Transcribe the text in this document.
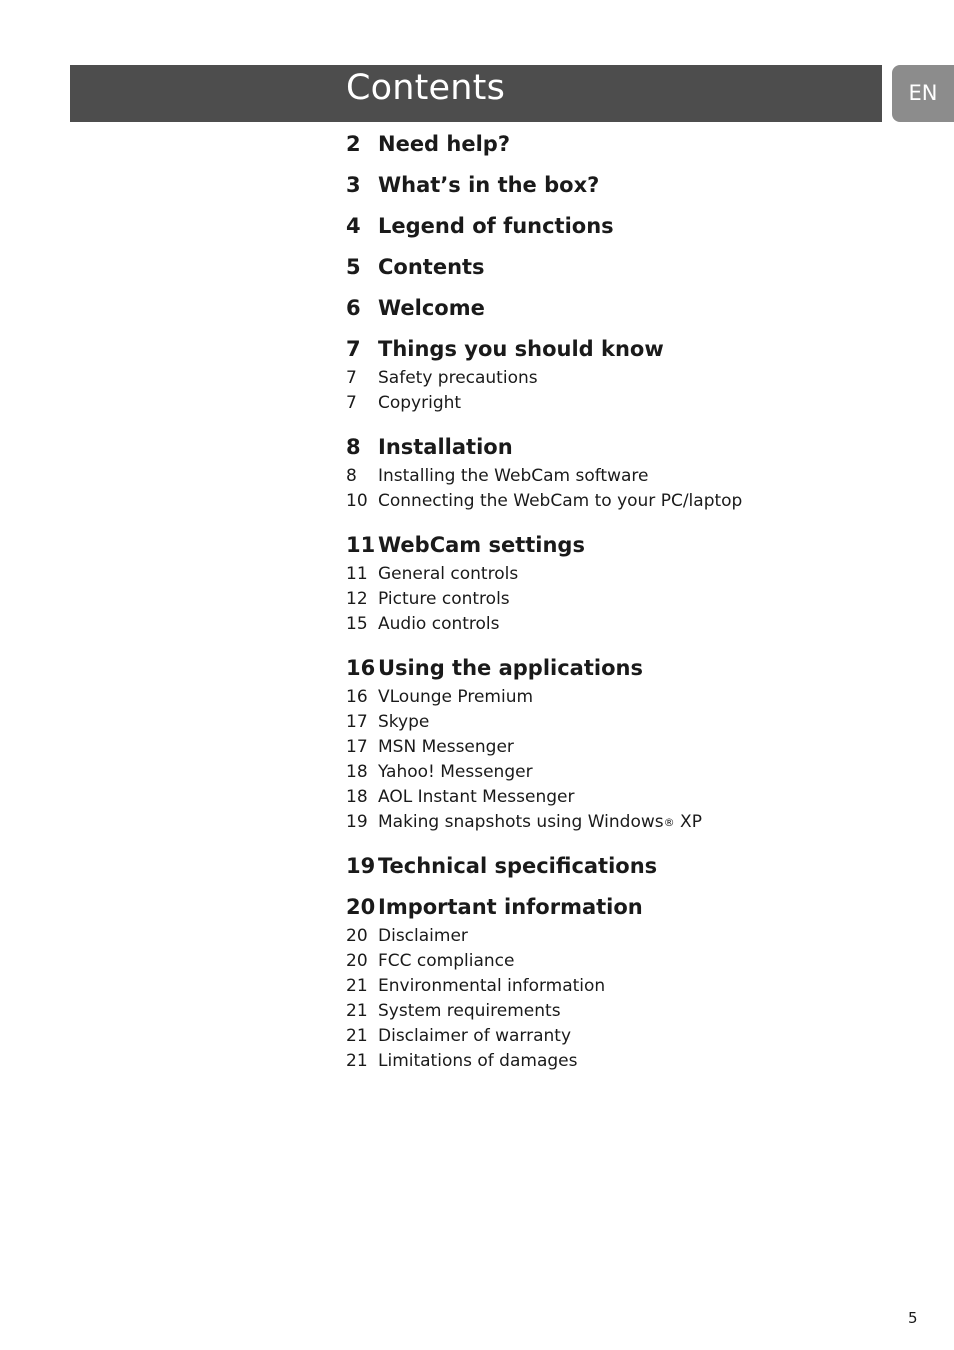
Contents	EN
2 Need help?
3 What’s in the box?
4 Legend of functions
5 Contents
6 Welcome
7 Things you should know
7	Safety precautions
7	Copyright
8 Installation
8	Installing the WebCam software
10 Connecting the WebCam to your PC/laptop
11 WebCam settings
11 General controls
12 Picture controls
15 Audio controls
16 Using the applications
16 VLounge Premium
17 Skype
17 MSN Messenger
18 Yahoo! Messenger
18 AOL Instant Messenger
19 Making snapshots using Windows ® XP
19 Technical specifications
20 Important information
20 Disclaimer
20 FCC compliance
21 Environmental information
21 System requirements
21 Disclaimer of warranty
21 Limitations of damages
5
